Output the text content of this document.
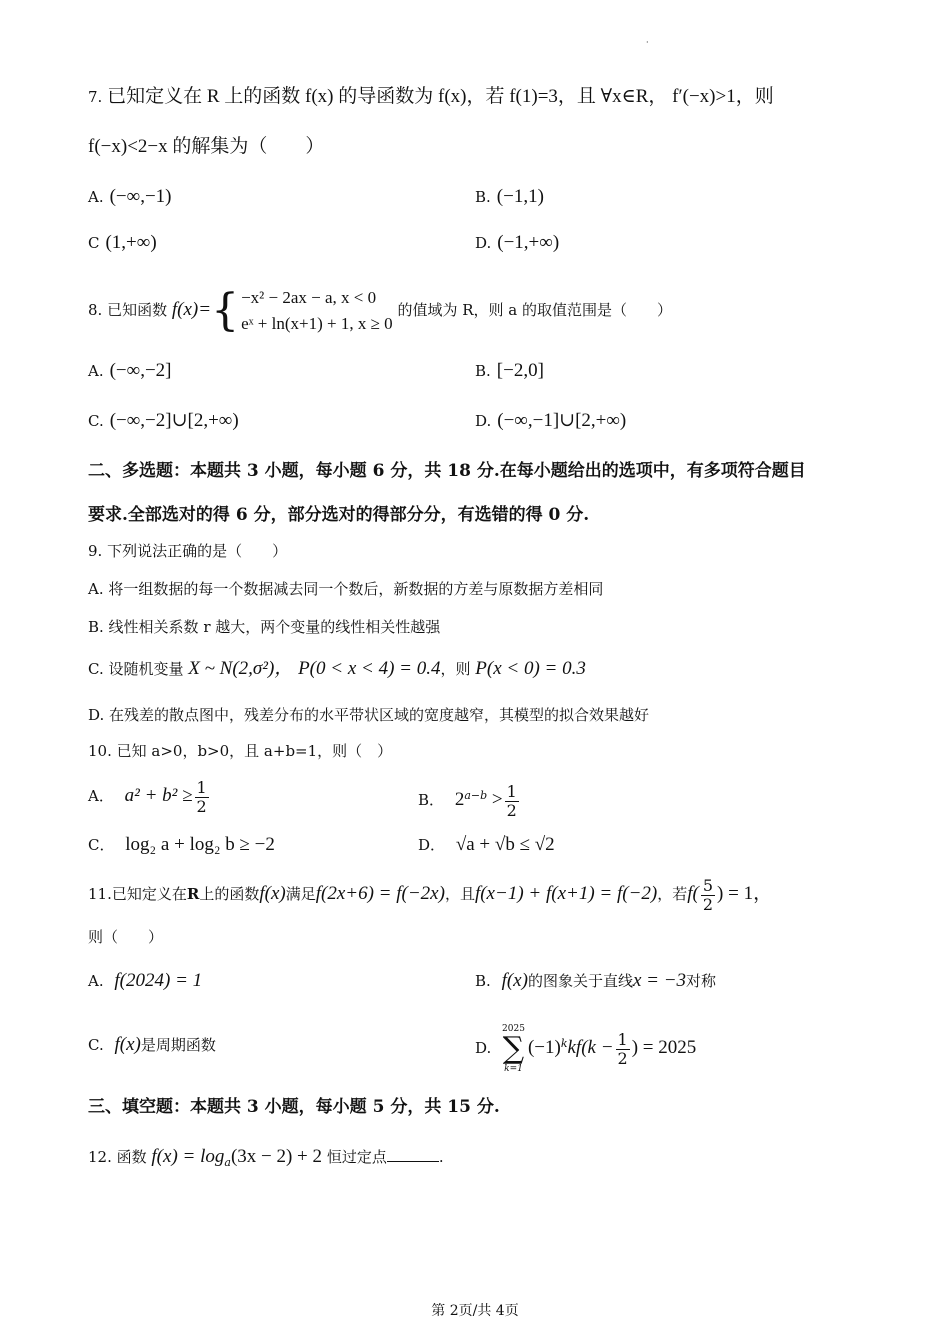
·
7. 已知定义在 R 上的函数 f(x) 的导函数为 f(x)，若 f(1)=3，且 ∀x∈R， f′(−x)>1，则
f(−x)<2−x 的解集为（　　）
A. (−∞,−1)	B. (−1,1)
C (1,+∞)	D. (−1,+∞)
8. 已知函数 f(x)={ −x² − 2ax − a, x < 0
eˣ + ln(x+1) + 1, x ≥ 0
的值域为 R，则 a 的取值范围是（　　）
A. (−∞,−2]	B. [−2,0]
C. (−∞,−2]∪[2,+∞)	D. (−∞,−1]∪[2,+∞)
二、多选题：本题共 3 小题，每小题 6 分，共 18 分.在每小题给出的选项中，有多项符合题目
要求.全部选对的得 6 分，部分选对的得部分分，有选错的得 0 分.
9. 下列说法正确的是（　　）
A. 将一组数据的每一个数据减去同一个数后，新数据的方差与原数据方差相同
B. 线性相关系数 r 越大，两个变量的线性相关性越强
C. 设随机变量 X ~ N(2,σ²)， P(0 < x < 4) = 0.4，则 P(x < 0) = 0.3
D. 在残差的散点图中，残差分布的水平带状区域的宽度越窄，其模型的拟合效果越好
10. 已知 a>0，b>0，且 a+b=1，则（　）
A． $a^2 + b^2 \ge \frac{1}{2}$	B． $2^{a-b} > \frac{1}{2}$
C． log₂ a + log₂ b ≥ −2	D． √a + √b ≤ √2
11.已知定义在R上的函数f(x)满足f(2x+6) = f(−2x)，且f(x−1) + f(x+1) = f(−2)，若$f( \frac{5}{2}$ ) = 1，
则（　　）
A. f(2024) = 1	B. f(x)的图象关于直线x = −3对称
C. f(x)是周期函数	D.
2025
∑
k=1
$(-1)^kkf(k - \frac{1}{2}$ ) = 2025
三、填空题：本题共 3 小题，每小题 5 分，共 15 分.
12. 函数 $f(x) = \log_a(3x - 2) + 2$ 恒过定点	.
第 2页/共 4页
